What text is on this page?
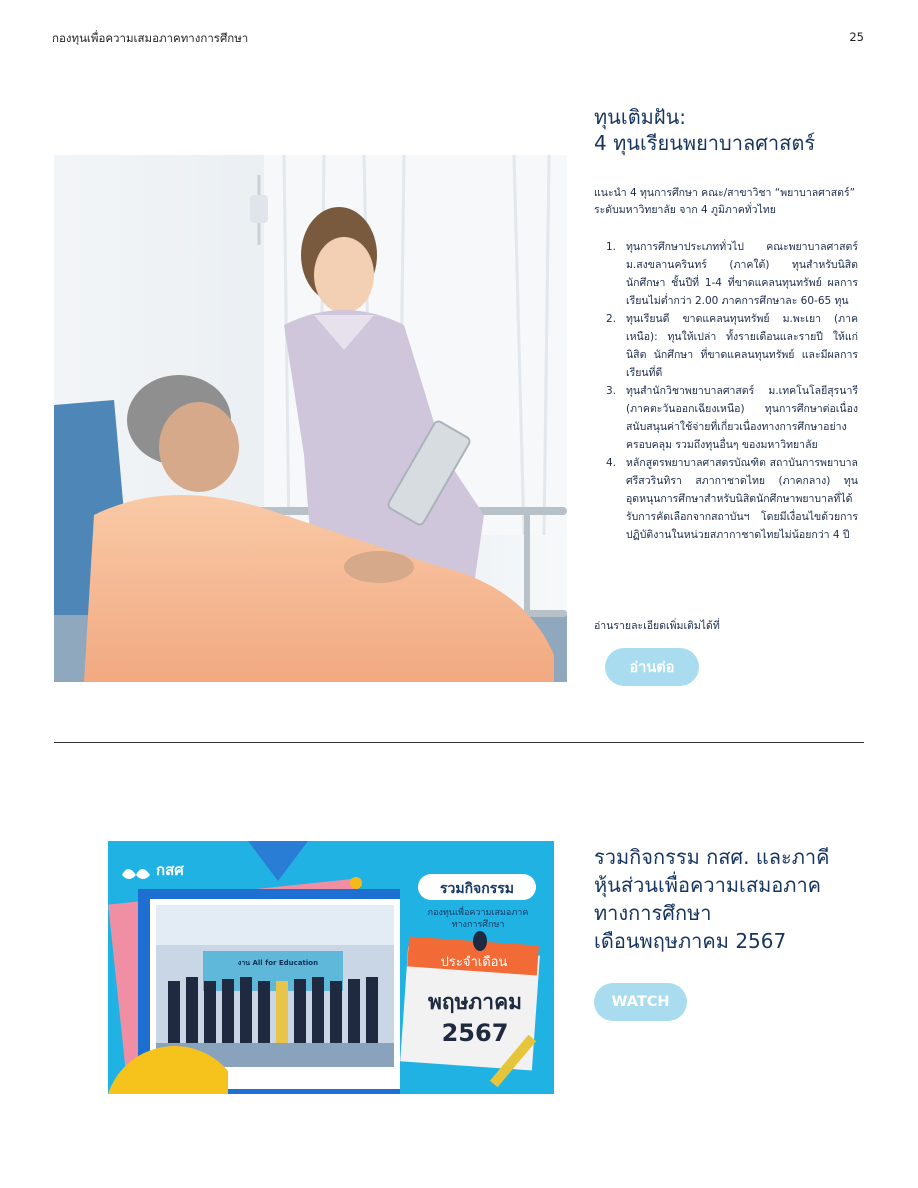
กองทุนเพื่อความเสมอภาคทางการศึกษา	25
ทุนเติมฝัน:
4 ทุนเรียนพยาบาลศาสตร์
แนะนำ 4 ทุนการศึกษา คณะ/สาขาวิชา “พยาบาลศาสตร์” ระดับมหาวิทยาลัย จาก 4 ภูมิภาคทั่วไทย
1. ทุนการศึกษาประเภททั่วไป คณะพยาบาลศาสตร์ ม.สงขลานครินทร์ (ภาคใต้) ทุนสำหรับนิสิต นักศึกษา ชั้นปีที่ 1-4 ที่ขาดแคลนทุนทรัพย์ ผลการเรียนไม่ต่ำกว่า 2.00 ภาคการศึกษาละ 60-65 ทุน
2. ทุนเรียนดี ขาดแคลนทุนทรัพย์ ม.พะเยา (ภาคเหนือ): ทุนให้เปล่า ทั้งรายเดือนและรายปี ให้แก่นิสิต นักศึกษา ที่ขาดแคลนทุนทรัพย์ และมีผลการเรียนที่ดี
3. ทุนสำนักวิชาพยาบาลศาสตร์ ม.เทคโนโลยีสุรนารี (ภาคตะวันออกเฉียงเหนือ) ทุนการศึกษาต่อเนื่อง สนับสนุนค่าใช้จ่ายที่เกี่ยวเนื่องทางการศึกษาอย่างครอบคลุม รวมถึงทุนอื่นๆ ของมหาวิทยาลัย
4. หลักสูตรพยาบาลศาสตรบัณฑิต สถาบันการพยาบาลศรีสวรินทิรา สภากาชาดไทย (ภาคกลาง) ทุนอุดหนุนการศึกษาสำหรับนิสิตนักศึกษาพยาบาลที่ได้รับการคัดเลือกจากสถาบันฯ โดยมีเงื่อนไขด้วยการปฏิบัติงานในหน่วยสภากาชาดไทยไม่น้อยกว่า 4 ปี
อ่านรายละเอียดเพิ่มเติมได้ที่
อ่านต่อ
กสศ
รวมกิจกรรม
กองทุนเพื่อความเสมอภาค
ทางการศึกษา
งาน All for Education	ประจำเดือน
พฤษภาคม
2567
รวมกิจกรรม กสศ. และภาคี
หุ้นส่วนเพื่อความเสมอภาค
ทางการศึกษา
เดือนพฤษภาคม 2567
WATCH
